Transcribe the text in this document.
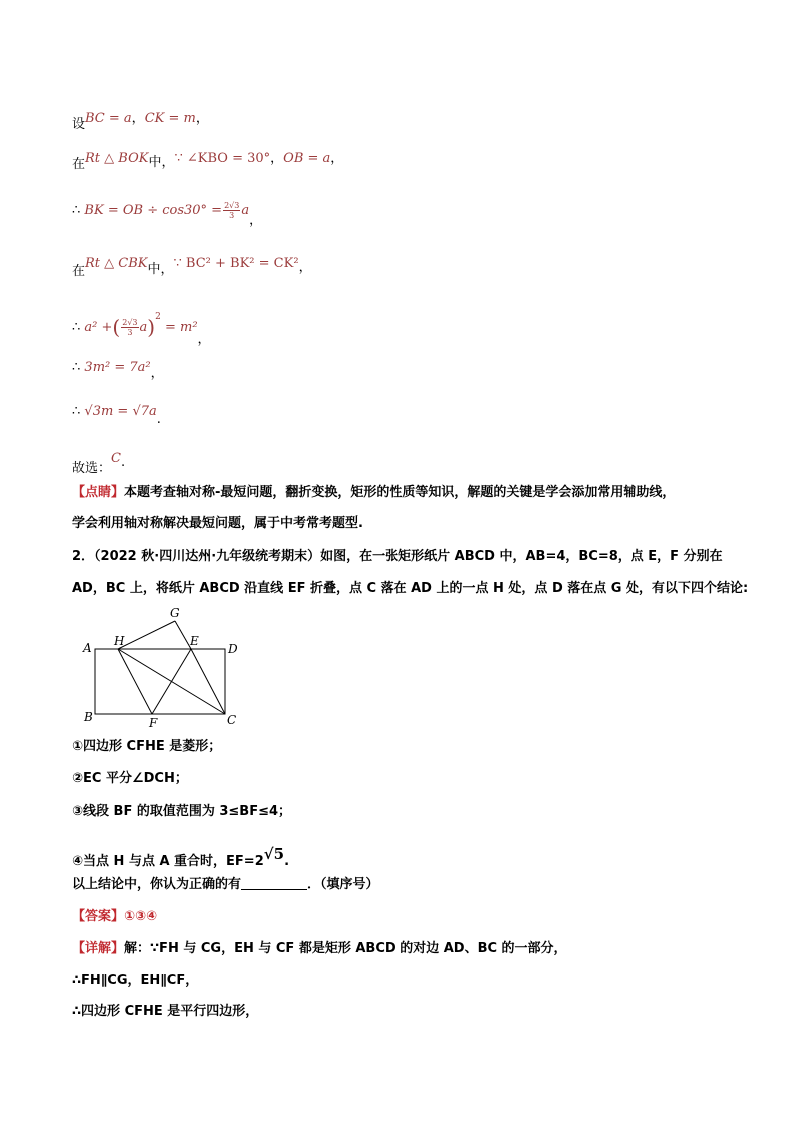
设BC = a，CK = m，
在Rt △ BOK中，∵ ∠KBO = 30°，OB = a，
∴ BK = OB ÷ $\cos 30^\circ = \frac{2√3}{3}$ a，
在Rt △ CBK中，∵ BC² + BK² = CK²，
∴ a² +( $\frac{2√3}{3} a)^2 = m^2$，
∴ 3m² = 7a²，
∴ √3m = √7a.
故选：C.
【点睛】本题考查轴对称-最短问题，翻折变换，矩形的性质等知识，解题的关键是学会添加常用辅助线，
学会利用轴对称解决最短问题，属于中考常考题型.
2．（2022 秋·四川达州·九年级统考期末）如图，在一张矩形纸片 ABCD 中，AB=4，BC=8，点 E，F 分别在
AD，BC 上，将纸片 ABCD 沿直线 EF 折叠，点 C 落在 AD 上的一点 H 处，点 D 落在点 G 处，有以下四个结论:
G
H	E
A	D
B	F	C
①四边形 CFHE 是菱形；
②EC 平分∠DCH；
③线段 BF 的取值范围为 3≤BF≤4；
④当点 H 与点 A 重合时，EF=2√5.
以上结论中，你认为正确的有	．（填序号）
【答案】①③④
【详解】解：∵FH 与 CG，EH 与 CF 都是矩形 ABCD 的对边 AD、BC 的一部分，
∴FH∥CG，EH∥CF，
∴四边形 CFHE 是平行四边形，
